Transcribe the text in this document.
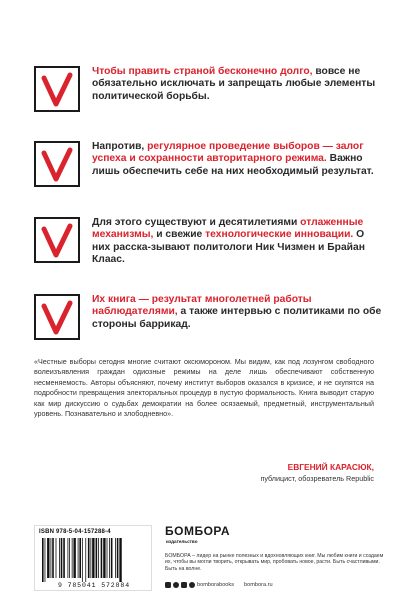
Чтобы править страной бесконечно долго, вовсе не обязательно исключать и запрещать любые элементы политической борьбы.
Напротив, регулярное проведение выборов — залог успеха и сохранности авторитарного режима. Важно лишь обеспечить себе на них необходимый результат.
Для этого существуют и десятилетиями отлаженные механизмы, и свежие технологические инновации. О них расска-зывают политологи Ник Чизмен и Брайан Клаас.
Их книга — результат многолетней работы наблюдателями, а также интервью с политиками по обе стороны баррикад.
«Честные выборы сегодня многие считают оксюмороном. Мы видим, как под лозунгом свободного волеизъявления граждан одиозные режимы на деле лишь обеспечивают собственную несменяемость. Авторы объясняют, почему институт выборов оказался в кризисе, и не скупятся на подробности превращения электоральных процедур в пустую формальность. Книга выводит старую как мир дискуссию о судьбах демократии на более осязаемый, предметный, инструментальный уровень. Познавательно и злободневно».
ЕВГЕНИЙ КАРАСЮК,
публицист, обозреватель Republic
ISBN 978-5-04-157288-4
9 785041 572884
БОМБОРА
издательство
БОМБОРА – лидер на рынке полезных и вдохновляющих книг. Мы любим книги и создаем их, чтобы вы могли творить, открывать мир, пробовать новое, расти. Быть счастливыми. Быть на волне.
bomborabooks bombora.ru
